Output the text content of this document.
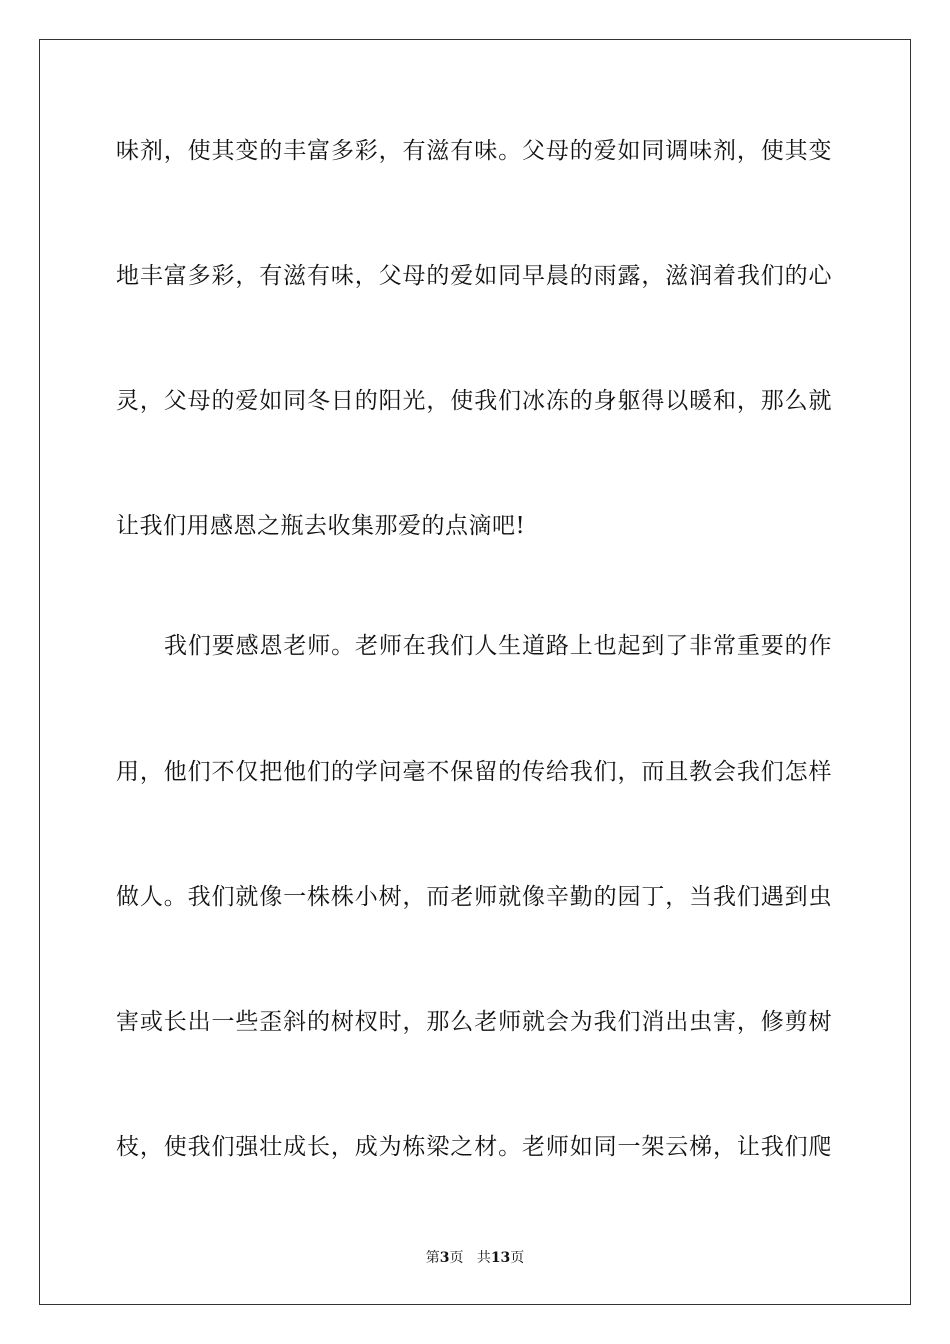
味剂，使其变的丰富多彩，有滋有味。父母的爱如同调味剂，使其变
地丰富多彩，有滋有味，父母的爱如同早晨的雨露，滋润着我们的心
灵，父母的爱如同冬日的阳光，使我们冰冻的身躯得以暖和，那么就
让我们用感恩之瓶去收集那爱的点滴吧!
我们要感恩老师。老师在我们人生道路上也起到了非常重要的作
用，他们不仅把他们的学问毫不保留的传给我们，而且教会我们怎样
做人。我们就像一株株小树，而老师就像辛勤的园丁，当我们遇到虫
害或长出一些歪斜的树杈时，那么老师就会为我们消出虫害，修剪树
枝，使我们强壮成长，成为栋梁之材。老师如同一架云梯，让我们爬
第3页 共13页
